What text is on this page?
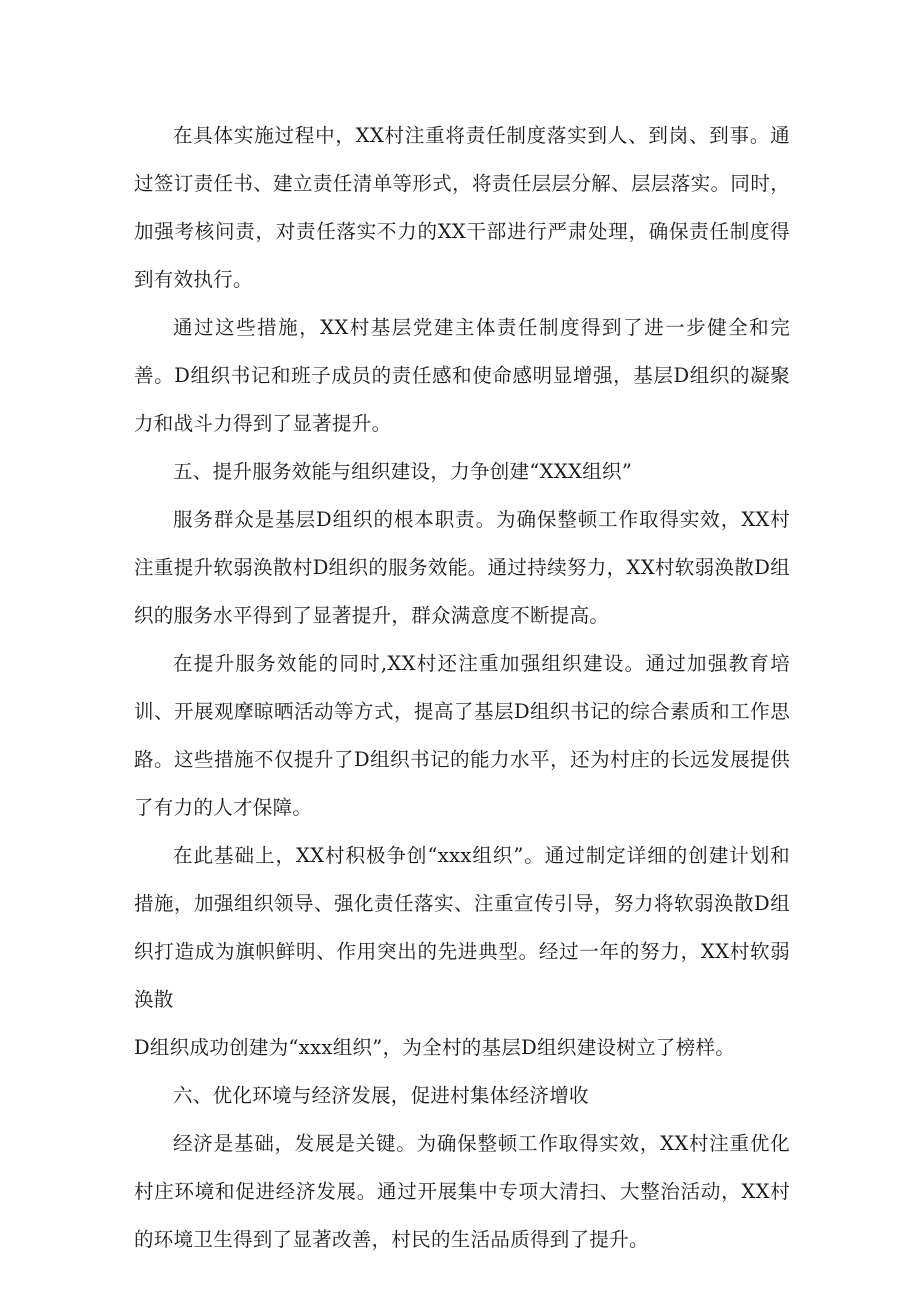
在具体实施过程中，XX村注重将责任制度落实到人、到岗、到事。通过签订责任书、建立责任清单等形式，将责任层层分解、层层落实。同时，加强考核问责，对责任落实不力的XX干部进行严肃处理，确保责任制度得到有效执行。

通过这些措施，XX村基层党建主体责任制度得到了进一步健全和完善。D组织书记和班子成员的责任感和使命感明显增强，基层D组织的凝聚力和战斗力得到了显著提升。

五、提升服务效能与组织建设，力争创建“XXX组织”

服务群众是基层D组织的根本职责。为确保整顿工作取得实效，XX村注重提升软弱涣散村D组织的服务效能。通过持续努力，XX村软弱涣散D组织的服务水平得到了显著提升，群众满意度不断提高。

在提升服务效能的同时,XX村还注重加强组织建设。通过加强教育培训、开展观摩晾晒活动等方式，提高了基层D组织书记的综合素质和工作思路。这些措施不仅提升了D组织书记的能力水平，还为村庄的长远发展提供了有力的人才保障。

在此基础上，XX村积极争创“xxx组织”。通过制定详细的创建计划和措施，加强组织领导、强化责任落实、注重宣传引导，努力将软弱涣散D组织打造成为旗帜鲜明、作用突出的先进典型。经过一年的努力，XX村软弱涣散

D组织成功创建为“xxx组织”，为全村的基层D组织建设树立了榜样。

六、优化环境与经济发展，促进村集体经济增收

经济是基础，发展是关键。为确保整顿工作取得实效，XX村注重优化村庄环境和促进经济发展。通过开展集中专项大清扫、大整治活动，XX村的环境卫生得到了显著改善，村民的生活品质得到了提升。
